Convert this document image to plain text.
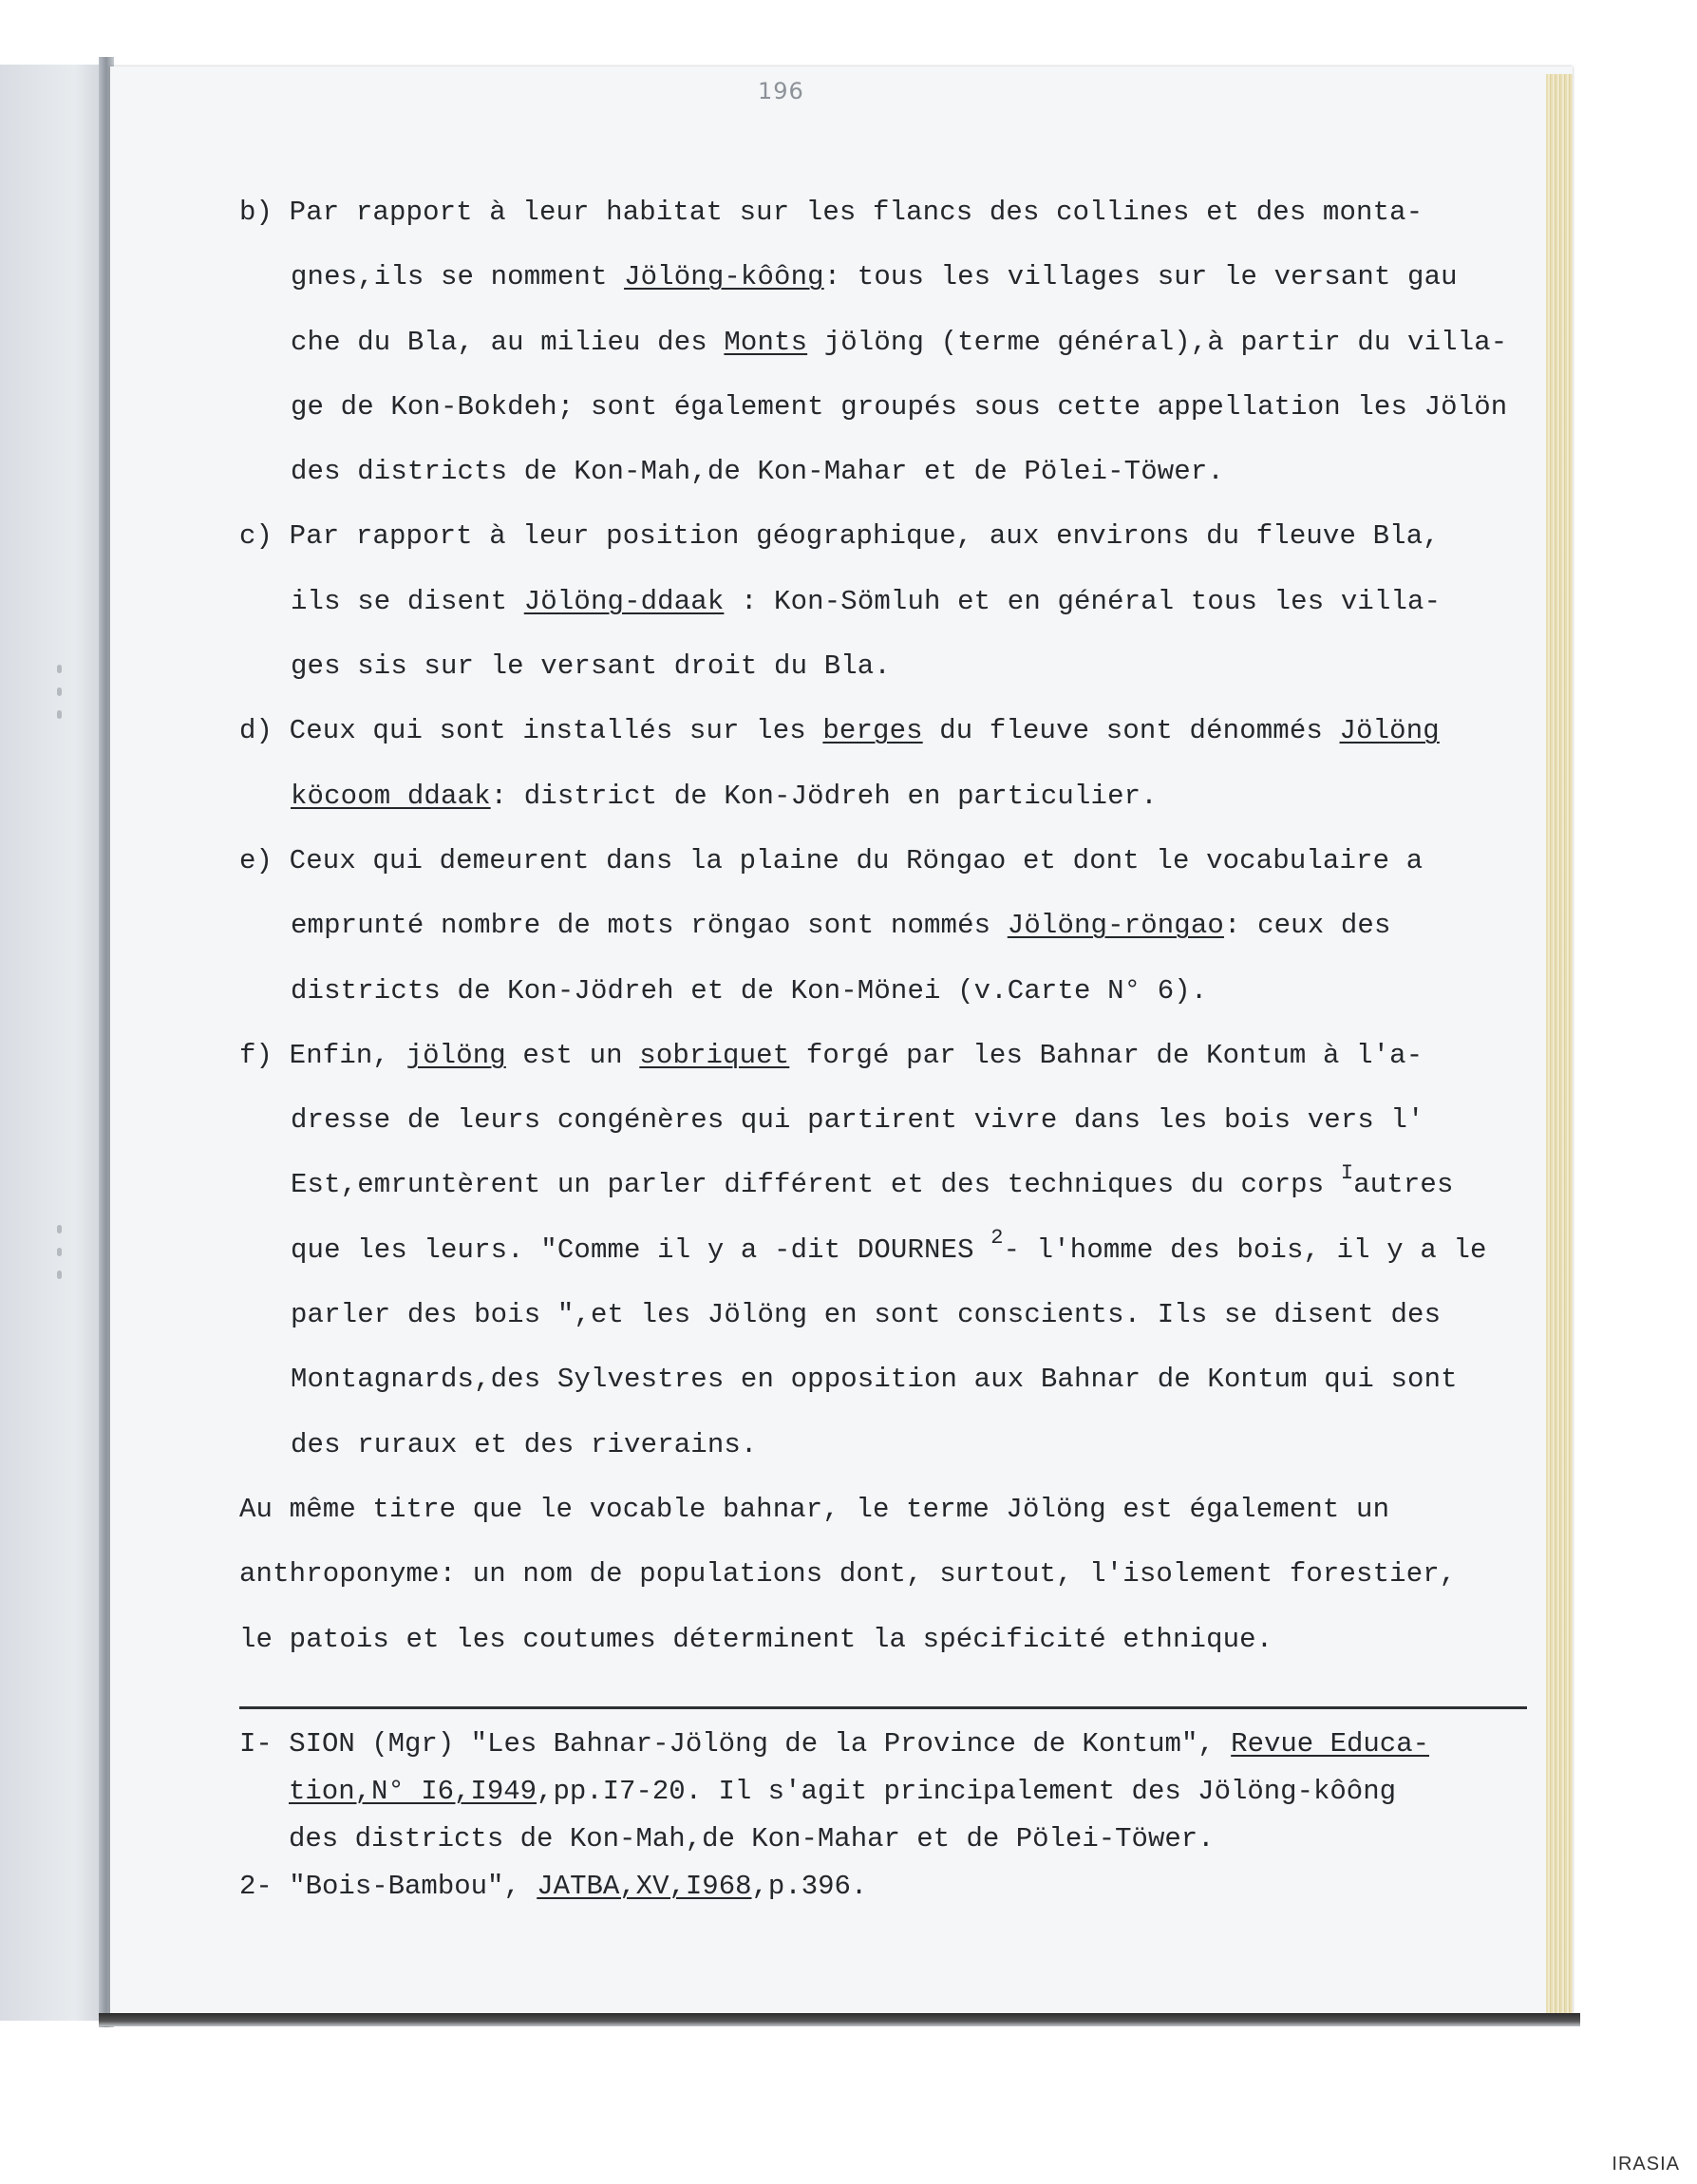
196
b) Par rapport à leur habitat sur les flancs des collines et des monta-
gnes,ils se nomment Jölöng-kôông: tous les villages sur le versant gau
che du Bla, au milieu des Monts jölöng (terme général),à partir du villa-
ge de Kon-Bokdeh; sont également groupés sous cette appellation les Jölön
des districts de Kon-Mah,de Kon-Mahar et de Pölei-Töwer.
c) Par rapport à leur position géographique, aux environs du fleuve Bla,
ils se disent Jölöng-ddaak : Kon-Sömluh et en général tous les villa-
ges sis sur le versant droit du Bla.
d) Ceux qui sont installés sur les berges du fleuve sont dénommés Jölöng
köcoom ddaak: district de Kon-Jödreh en particulier.
e) Ceux qui demeurent dans la plaine du Röngao et dont le vocabulaire a
emprunté nombre de mots röngao sont nommés Jölöng-röngao: ceux des
districts de Kon-Jödreh et de Kon-Mönei (v.Carte N° 6).
f) Enfin, jölöng est un sobriquet forgé par les Bahnar de Kontum à l'a-
dresse de leurs congénères qui partirent vivre dans les bois vers l'
Est,emruntèrent un parler différent et des techniques du corps $^I$autres
que les leurs. "Comme il y a -dit DOURNES $^2$- l'homme des bois, il y a le
parler des bois ",et les Jölöng en sont conscients. Ils se disent des
Montagnards,des Sylvestres en opposition aux Bahnar de Kontum qui sont
des ruraux et des riverains.
Au même titre que le vocable bahnar, le terme Jölöng est également un
anthroponyme: un nom de populations dont, surtout, l'isolement forestier,
le patois et les coutumes déterminent la spécificité ethnique.
I- SION (Mgr) "Les Bahnar-Jölöng de la Province de Kontum", Revue Educa-
tion,N° I6,I949,pp.I7-20. Il s'agit principalement des Jölöng-kôông
des districts de Kon-Mah,de Kon-Mahar et de Pölei-Töwer.
2- "Bois-Bambou", JATBA,XV,I968,p.396.
IRASIA
